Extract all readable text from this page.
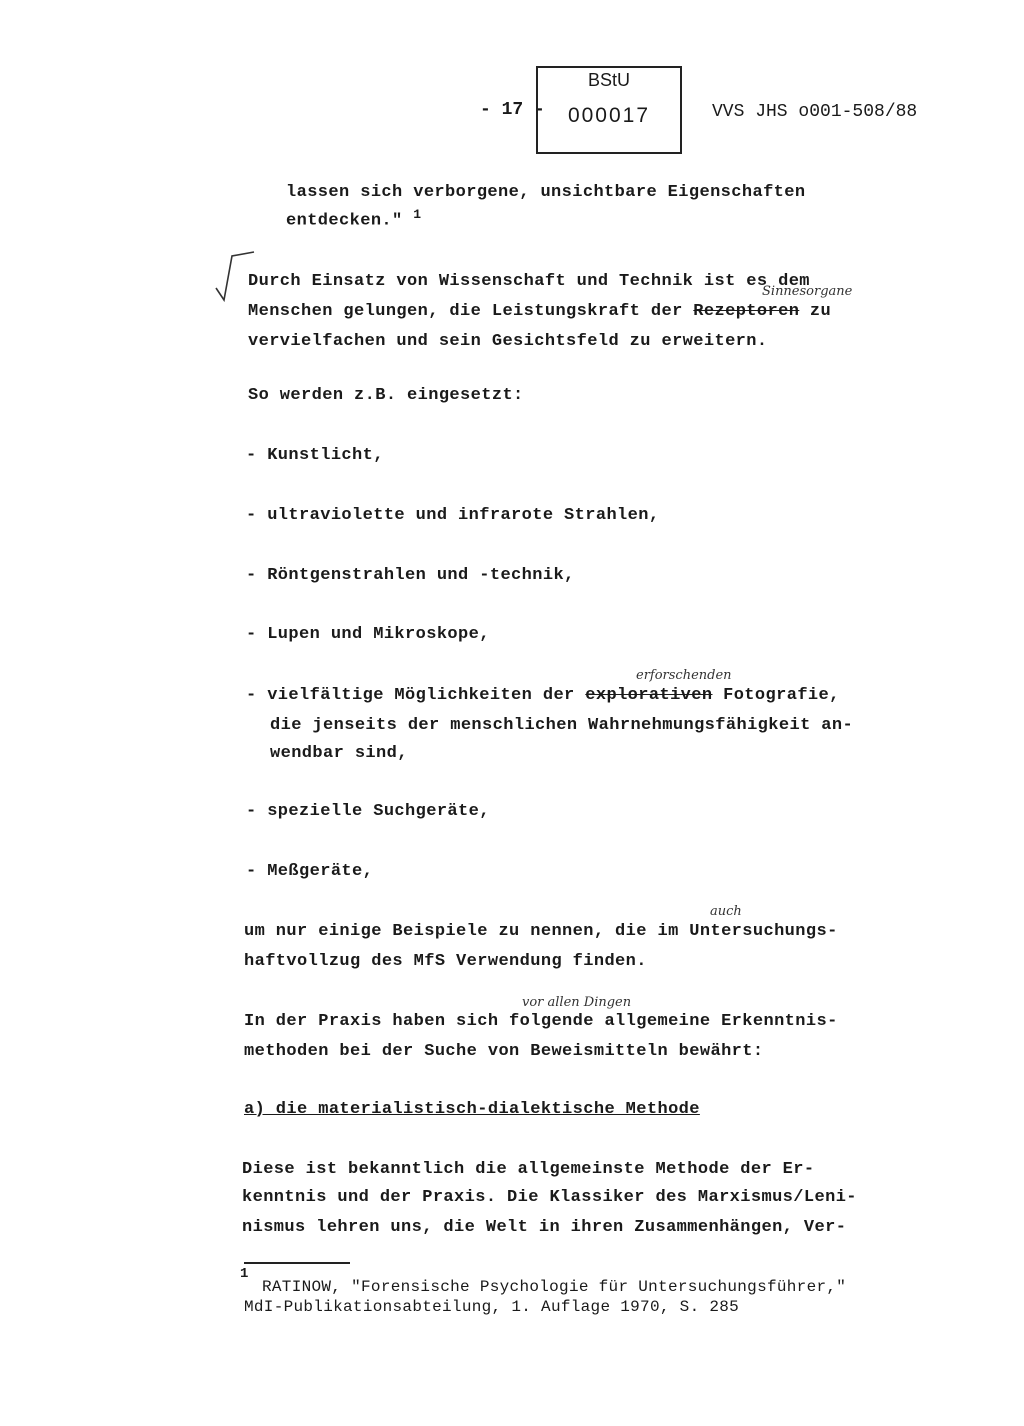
- 17 -
BStU
000017	VVS JHS o001-508/88
lassen sich verborgene, unsichtbare Eigenschaften
entdecken." $^1$
Durch Einsatz von Wissenschaft und Technik ist es dem
Sinnesorgane
Menschen gelungen, die Leistungskraft der Rezeptoren zu
vervielfachen und sein Gesichtsfeld zu erweitern.
So werden z.B. eingesetzt:
- Kunstlicht,
- ultraviolette und infrarote Strahlen,
- Röntgenstrahlen und -technik,
- Lupen und Mikroskope,
erforschenden
- vielfältige Möglichkeiten der explorativen Fotografie,
die jenseits der menschlichen Wahrnehmungsfähigkeit an-
wendbar sind,
- spezielle Suchgeräte,
- Meßgeräte,
auch
um nur einige Beispiele zu nennen, die im Untersuchungs-
haftvollzug des MfS Verwendung finden.
vor allen Dingen
In der Praxis haben sich folgende allgemeine Erkenntnis-
methoden bei der Suche von Beweismitteln bewährt:
a) die materialistisch-dialektische Methode
Diese ist bekanntlich die allgemeinste Methode der Er-
kenntnis und der Praxis. Die Klassiker des Marxismus/Leni-
nismus lehren uns, die Welt in ihren Zusammenhängen, Ver-
1
RATINOW, "Forensische Psychologie für Untersuchungsführer,"
MdI-Publikationsabteilung, 1. Auflage 1970, S. 285
